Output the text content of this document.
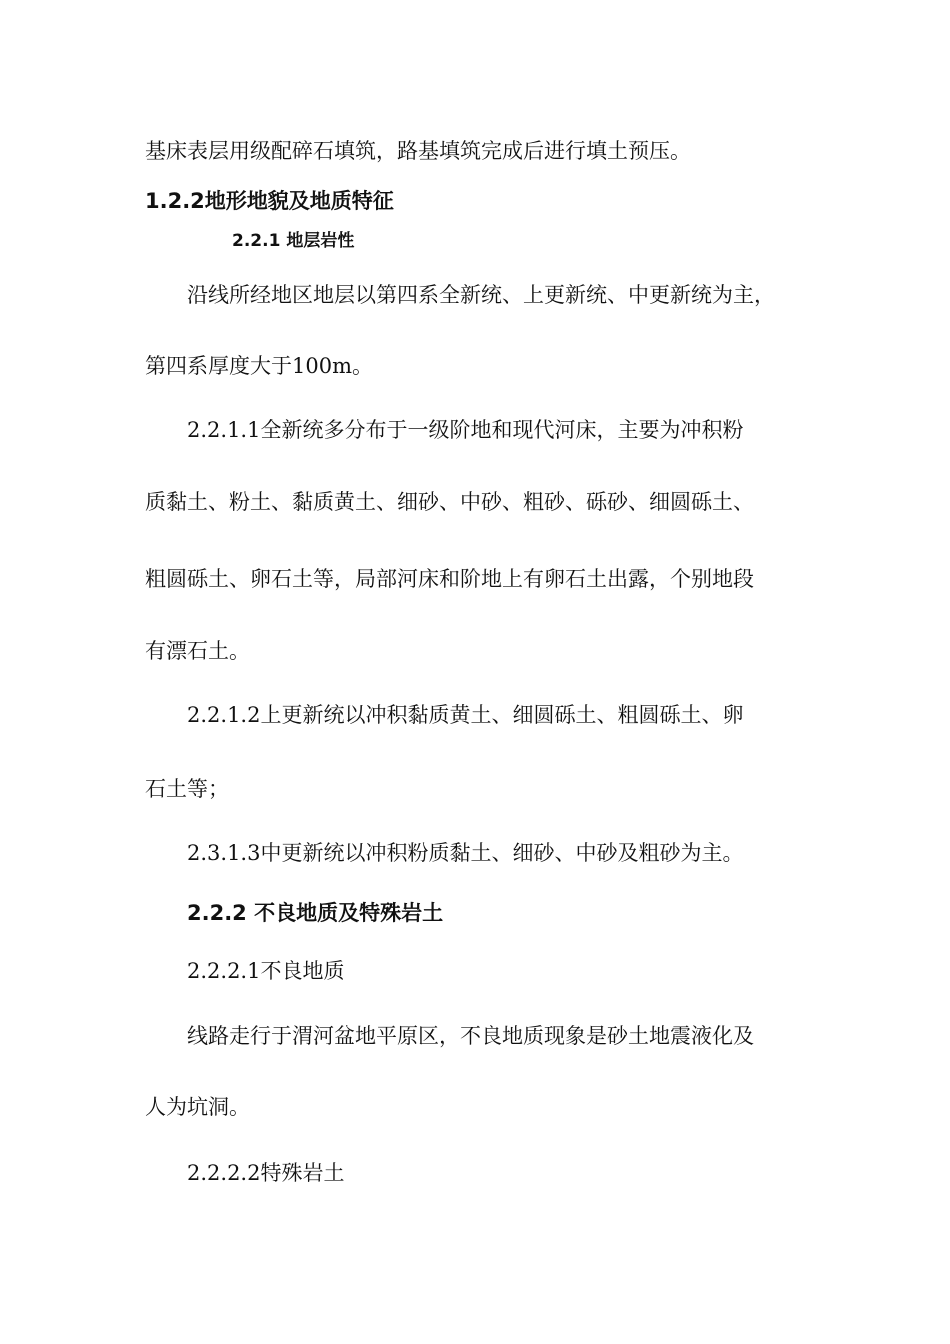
基床表层用级配碎石填筑，路基填筑完成后进行填土预压。

1.2.2地形地貌及地质特征

2.2.1 地层岩性

沿线所经地区地层以第四系全新统、上更新统、中更新统为主，

第四系厚度大于100m。

2.2.1.1全新统多分布于一级阶地和现代河床，主要为冲积粉

质黏土、粉土、黏质黄土、细砂、中砂、粗砂、砾砂、细圆砾土、

粗圆砾土、卵石土等，局部河床和阶地上有卵石土出露，个别地段

有漂石土。

2.2.1.2上更新统以冲积黏质黄土、细圆砾土、粗圆砾土、卵

石土等；

2.3.1.3中更新统以冲积粉质黏土、细砂、中砂及粗砂为主。

2.2.2 不良地质及特殊岩土

2.2.2.1不良地质

线路走行于渭河盆地平原区，不良地质现象是砂土地震液化及

人为坑洞。

2.2.2.2特殊岩土
